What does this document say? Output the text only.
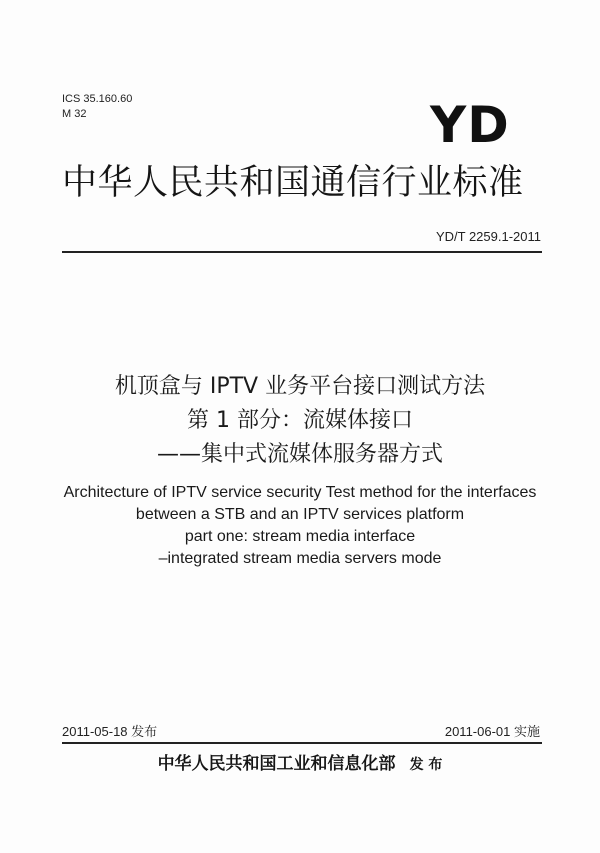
ICS 35.160.60
M 32	YD
中华人民共和国通信行业标准
YD/T 2259.1-2011
机顶盒与 IPTV 业务平台接口测试方法
第 1 部分：流媒体接口
——集中式流媒体服务器方式
Architecture of IPTV service security Test method for the interfaces
between a STB and an IPTV services platform
part one: stream media interface
–integrated stream media servers mode
2011-05-18 发布	2011-06-01 实施
中华人民共和国工业和信息化部 发 布
